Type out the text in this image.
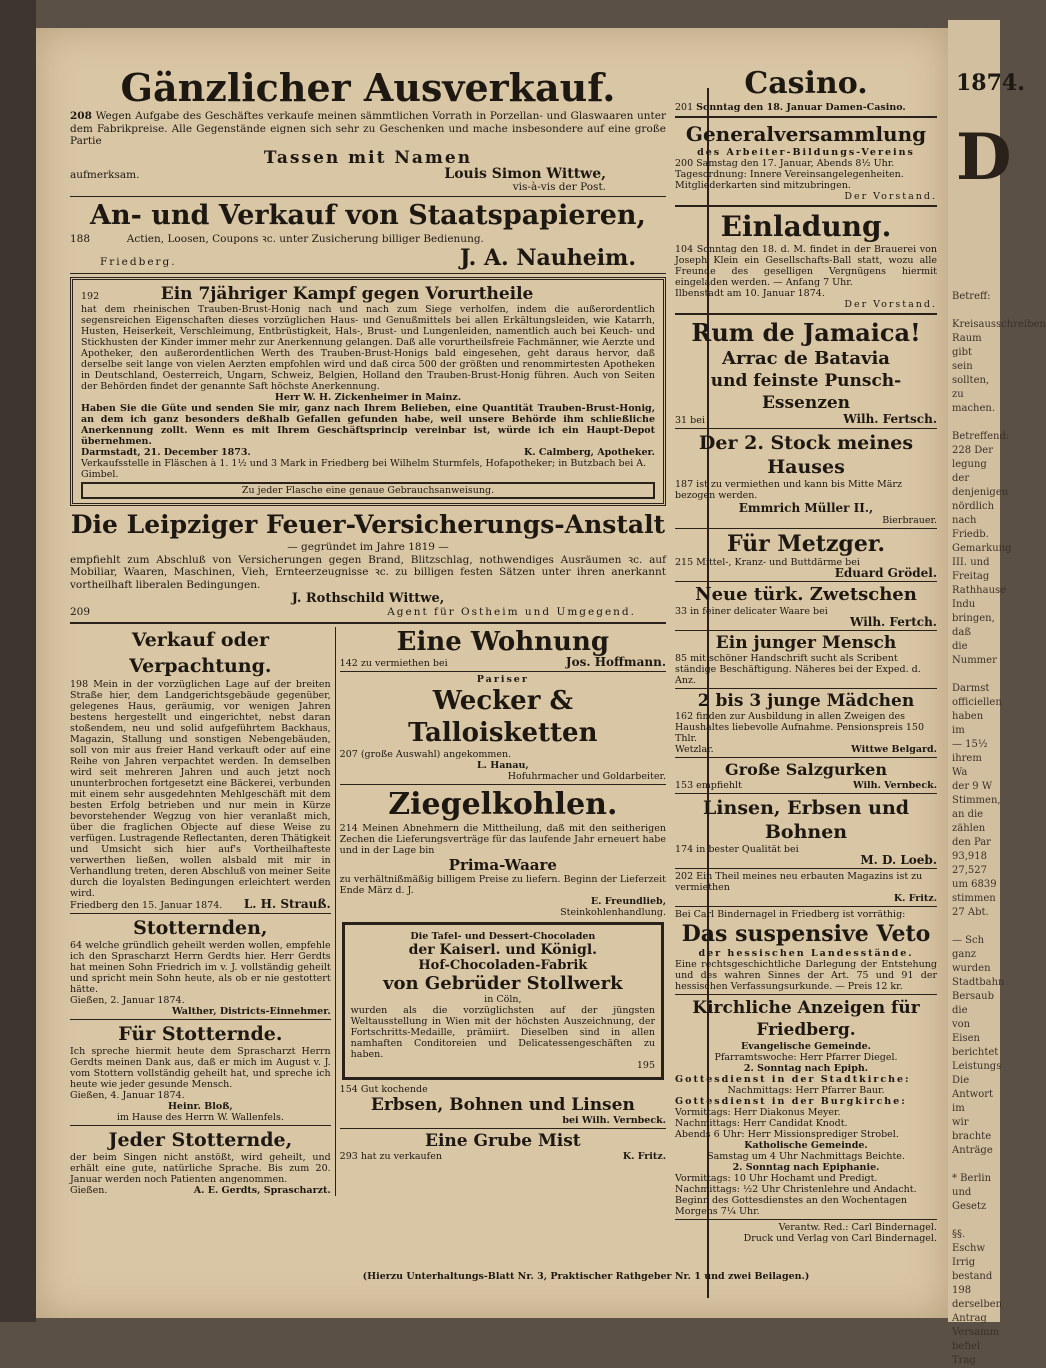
1874.
D
Betreff:

Kreisausschreiben
Raum gibt
sein sollten,
zu machen.

Betreffend:
228 Der
legung der
denjenigen
nördlich
nach Friedb.
Gemarkung
III. und
Freitag
Rathhause
Indu
bringen, daß
die Nummer

Darmst
officiellen
haben im
— 15½
ihrem Wa
der 9 W
Stimmen,
an die
zählen
den Par
93,918
27,527
um 6839
stimmen
27 Abt.

— Sch
ganz
wurden
Stadtbahn
Bersaub
die
von Eisen
berichtet
Leistungs
Die
Antwort
im
wir
brachte
Anträge

* Berlin
und
Gesetz

§§.
Eschw
Irrig
bestand
198
derselben
Antrag
Versamm
befiel
Trag
Gänzlicher Ausverkauf.
208 Wegen Aufgabe des Geschäftes verkaufe meinen sämmtlichen Vorrath in Porzellan- und Glaswaaren unter dem Fabrikpreise. Alle Gegenstände eignen sich sehr zu Geschenken und mache insbesondere auf eine große Partie
Tassen mit Namen
aufmerksam.	Louis Simon Wittwe,
vis-à-vis der Post.
An- und Verkauf von Staatspapieren,
188	Actien, Loosen, Coupons ꝛc. unter Zusicherung billiger Bedienung.
Friedberg.	J. A. Nauheim.
192	Ein 7jähriger Kampf gegen Vorurtheile
hat dem rheinischen Trauben-Brust-Honig nach und nach zum Siege verholfen, indem die außerordentlich segensreichen Eigenschaften dieses vorzüglichen Haus- und Genußmittels bei allen Erkältungsleiden, wie Katarrh, Husten, Heiserkeit, Verschleimung, Entbrüstigkeit, Hals-, Brust- und Lungenleiden, namentlich auch bei Keuch- und Stickhusten der Kinder immer mehr zur Anerkennung gelangen. Daß alle vorurtheilsfreie Fachmänner, wie Aerzte und Apotheker, den außerordentlichen Werth des Trauben-Brust-Honigs bald eingesehen, geht daraus hervor, daß derselbe seit lange von vielen Aerzten empfohlen wird und daß circa 500 der größten und renommirtesten Apotheken in Deutschland, Oesterreich, Ungarn, Schweiz, Belgien, Holland den Trauben-Brust-Honig führen. Auch von Seiten der Behörden findet der genannte Saft höchste Anerkennung.
Herr W. H. Zickenheimer in Mainz.
Haben Sie die Güte und senden Sie mir, ganz nach Ihrem Belieben, eine Quantität Trauben-Brust-Honig, an dem ich ganz besonders deßhalb Gefallen gefunden habe, weil unsere Behörde ihm schließliche Anerkennung zollt. Wenn es mit Ihrem Geschäftsprincip vereinbar ist, würde ich ein Haupt-Depot übernehmen.
Darmstadt, 21. December 1873.	K. Calmberg, Apotheker.
Verkaufsstelle in Fläschen à 1. 1½ und 3 Mark in Friedberg bei Wilhelm Sturmfels, Hofapotheker; in Butzbach bei A. Gimbel.
Zu jeder Flasche eine genaue Gebrauchsanweisung.
Die Leipziger Feuer-Versicherungs-Anstalt
— gegründet im Jahre 1819 —
empfiehlt zum Abschluß von Versicherungen gegen Brand, Blitzschlag, nothwendiges Ausräumen ꝛc. auf Mobiliar, Waaren, Maschinen, Vieh, Ernteerzeugnisse ꝛc. zu billigen festen Sätzen unter ihren anerkannt vortheilhaft liberalen Bedingungen.
J. Rothschild Wittwe,
209	Agent für Ostheim und Umgegend.
Verkauf oder Verpachtung.
198 Mein in der vorzüglichen Lage auf der breiten Straße hier, dem Landgerichtsgebäude gegenüber, gelegenes Haus, geräumig, vor wenigen Jahren bestens hergestellt und eingerichtet, nebst daran stoßendem, neu und solid aufgeführtem Backhaus, Magazin, Stallung und sonstigen Nebengebäuden, soll von mir aus freier Hand verkauft oder auf eine Reihe von Jahren verpachtet werden. In demselben wird seit mehreren Jahren und auch jetzt noch ununterbrochen fortgesetzt eine Bäckerei, verbunden mit einem sehr ausgedehnten Mehlgeschäft mit dem besten Erfolg betrieben und nur mein in Kürze bevorstehender Wegzug von hier veranlaßt mich, über die fraglichen Objecte auf diese Weise zu verfügen. Lustragende Reflectanten, deren Thätigkeit und Umsicht sich hier auf's Vortheilhafteste verwerthen ließen, wollen alsbald mit mir in Verhandlung treten, deren Abschluß von meiner Seite durch die loyalsten Bedingungen erleichtert werden wird.
Friedberg den 15. Januar 1874. L. H. Strauß.
Stotternden,
64 welche gründlich geheilt werden wollen, empfehle ich den Sprascharzt Herrn Gerdts hier. Herr Gerdts hat meinen Sohn Friedrich im v. J. vollständig geheilt und spricht mein Sohn heute, als ob er nie gestottert hätte.
Gießen, 2. Januar 1874.
Walther, Districts-Einnehmer.
Für Stotternde.
Ich spreche hiermit heute dem Sprascharzt Herrn Gerdts meinen Dank aus, daß er mich im August v. J. vom Stottern vollständig geheilt hat, und spreche ich heute wie jeder gesunde Mensch.
Gießen, 4. Januar 1874.
Heinr. Bloß,
im Hause des Herrn W. Wallenfels.
Jeder Stotternde,
der beim Singen nicht anstößt, wird geheilt, und erhält eine gute, natürliche Sprache. Bis zum 20. Januar werden noch Patienten angenommen.
Gießen.	A. E. Gerdts, Sprascharzt.
Eine Wohnung
142 zu vermiethen bei	Jos. Hoffmann.
Pariser
Wecker & Talloisketten
207 (große Auswahl) angekommen.
L. Hanau,
Hofuhrmacher und Goldarbeiter.
Ziegelkohlen.
214 Meinen Abnehmern die Mittheilung, daß mit den seitherigen Zechen die Lieferungsverträge für das laufende Jahr erneuert habe und in der Lage bin
Prima-Waare
zu verhältnißmäßig billigem Preise zu liefern. Beginn der Lieferzeit Ende März d. J.
E. Freundlieb,
Steinkohlenhandlung.
Die Tafel- und Dessert-Chocoladen
der Kaiserl. und Königl.
Hof-Chocoladen-Fabrik
von Gebrüder Stollwerk
in Cöln,
wurden als die vorzüglichsten auf der jüngsten Weltausstellung in Wien mit der höchsten Auszeichnung, der Fortschritts-Medaille, prämiirt. Dieselben sind in allen namhaften Conditoreien und Delicatessengeschäften zu haben.
195
154 Gut kochende
Erbsen, Bohnen und Linsen
bei Wilh. Vernbeck.
Eine Grube Mist
293 hat zu verkaufen	K. Fritz.
Casino.
201 Sonntag den 18. Januar Damen-Casino.
Generalversammlung
des Arbeiter-Bildungs-Vereins
200 Samstag den 17. Januar, Abends 8½ Uhr.
Tagesordnung: Innere Vereinsangelegenheiten.
Mitgliederkarten sind mitzubringen.
Der Vorstand.
Einladung.
104 Sonntag den 18. d. M. findet in der Brauerei von Joseph Klein ein Gesellschafts-Ball statt, wozu alle Freunde des geselligen Vergnügens hiermit eingeladen werden. — Anfang 7 Uhr.
Ilbenstadt am 10. Januar 1874.
Der Vorstand.
Rum de Jamaica!
Arrac de Batavia
und feinste Punsch-Essenzen
31 bei	Wilh. Fertsch.
Der 2. Stock meines Hauses
187 ist zu vermiethen und kann bis Mitte März bezogen werden.
Emmrich Müller II.,
Bierbrauer.
Für Metzger.
215 Mittel-, Kranz- und Buttdärme bei
Eduard Grödel.
Neue türk. Zwetschen
33 in feiner delicater Waare bei
Wilh. Fertch.
Ein junger Mensch
85 mit schöner Handschrift sucht als Scribent ständige Beschäftigung. Näheres bei der Exped. d. Anz.
2 bis 3 junge Mädchen
162 finden zur Ausbildung in allen Zweigen des Haushaltes liebevolle Aufnahme. Pensionspreis 150 Thlr.
Wetzlar.	Wittwe Belgard.
Große Salzgurken
153 empfiehlt	Wilh. Vernbeck.
Linsen, Erbsen und Bohnen
174 in bester Qualität bei
M. D. Loeb.
202 Ein Theil meines neu erbauten Magazins ist zu vermiethen
K. Fritz.
Bei Carl Bindernagel in Friedberg ist vorräthig:
Das suspensive Veto
der hessischen Landesstände.
Eine rechtsgeschichtliche Darlegung der Entstehung und des wahren Sinnes der Art. 75 und 91 der hessischen Verfassungsurkunde. — Preis 12 kr.
Kirchliche Anzeigen für Friedberg.
Evangelische Gemeinde.
Pfarramtswoche: Herr Pfarrer Diegel.
2. Sonntag nach Epiph.
Gottesdienst in der Stadtkirche:
Nachmittags: Herr Pfarrer Baur.
Gottesdienst in der Burgkirche:
Vormittags: Herr Diakonus Meyer.
Nachmittags: Herr Candidat Knodt.
Abends 6 Uhr: Herr Missionsprediger Strobel.
Katholische Gemeinde.
Samstag um 4 Uhr Nachmittags Beichte.
2. Sonntag nach Epiphanie.
Vormittags: 10 Uhr Hochamt und Predigt.
Nachmittags: ½2 Uhr Christenlehre und Andacht.
Beginn des Gottesdienstes an den Wochentagen Morgens 7¼ Uhr.
Verantw. Red.: Carl Bindernagel.
Druck und Verlag von Carl Bindernagel.
(Hierzu Unterhaltungs-Blatt Nr. 3, Praktischer Rathgeber Nr. 1 und zwei Beilagen.)
